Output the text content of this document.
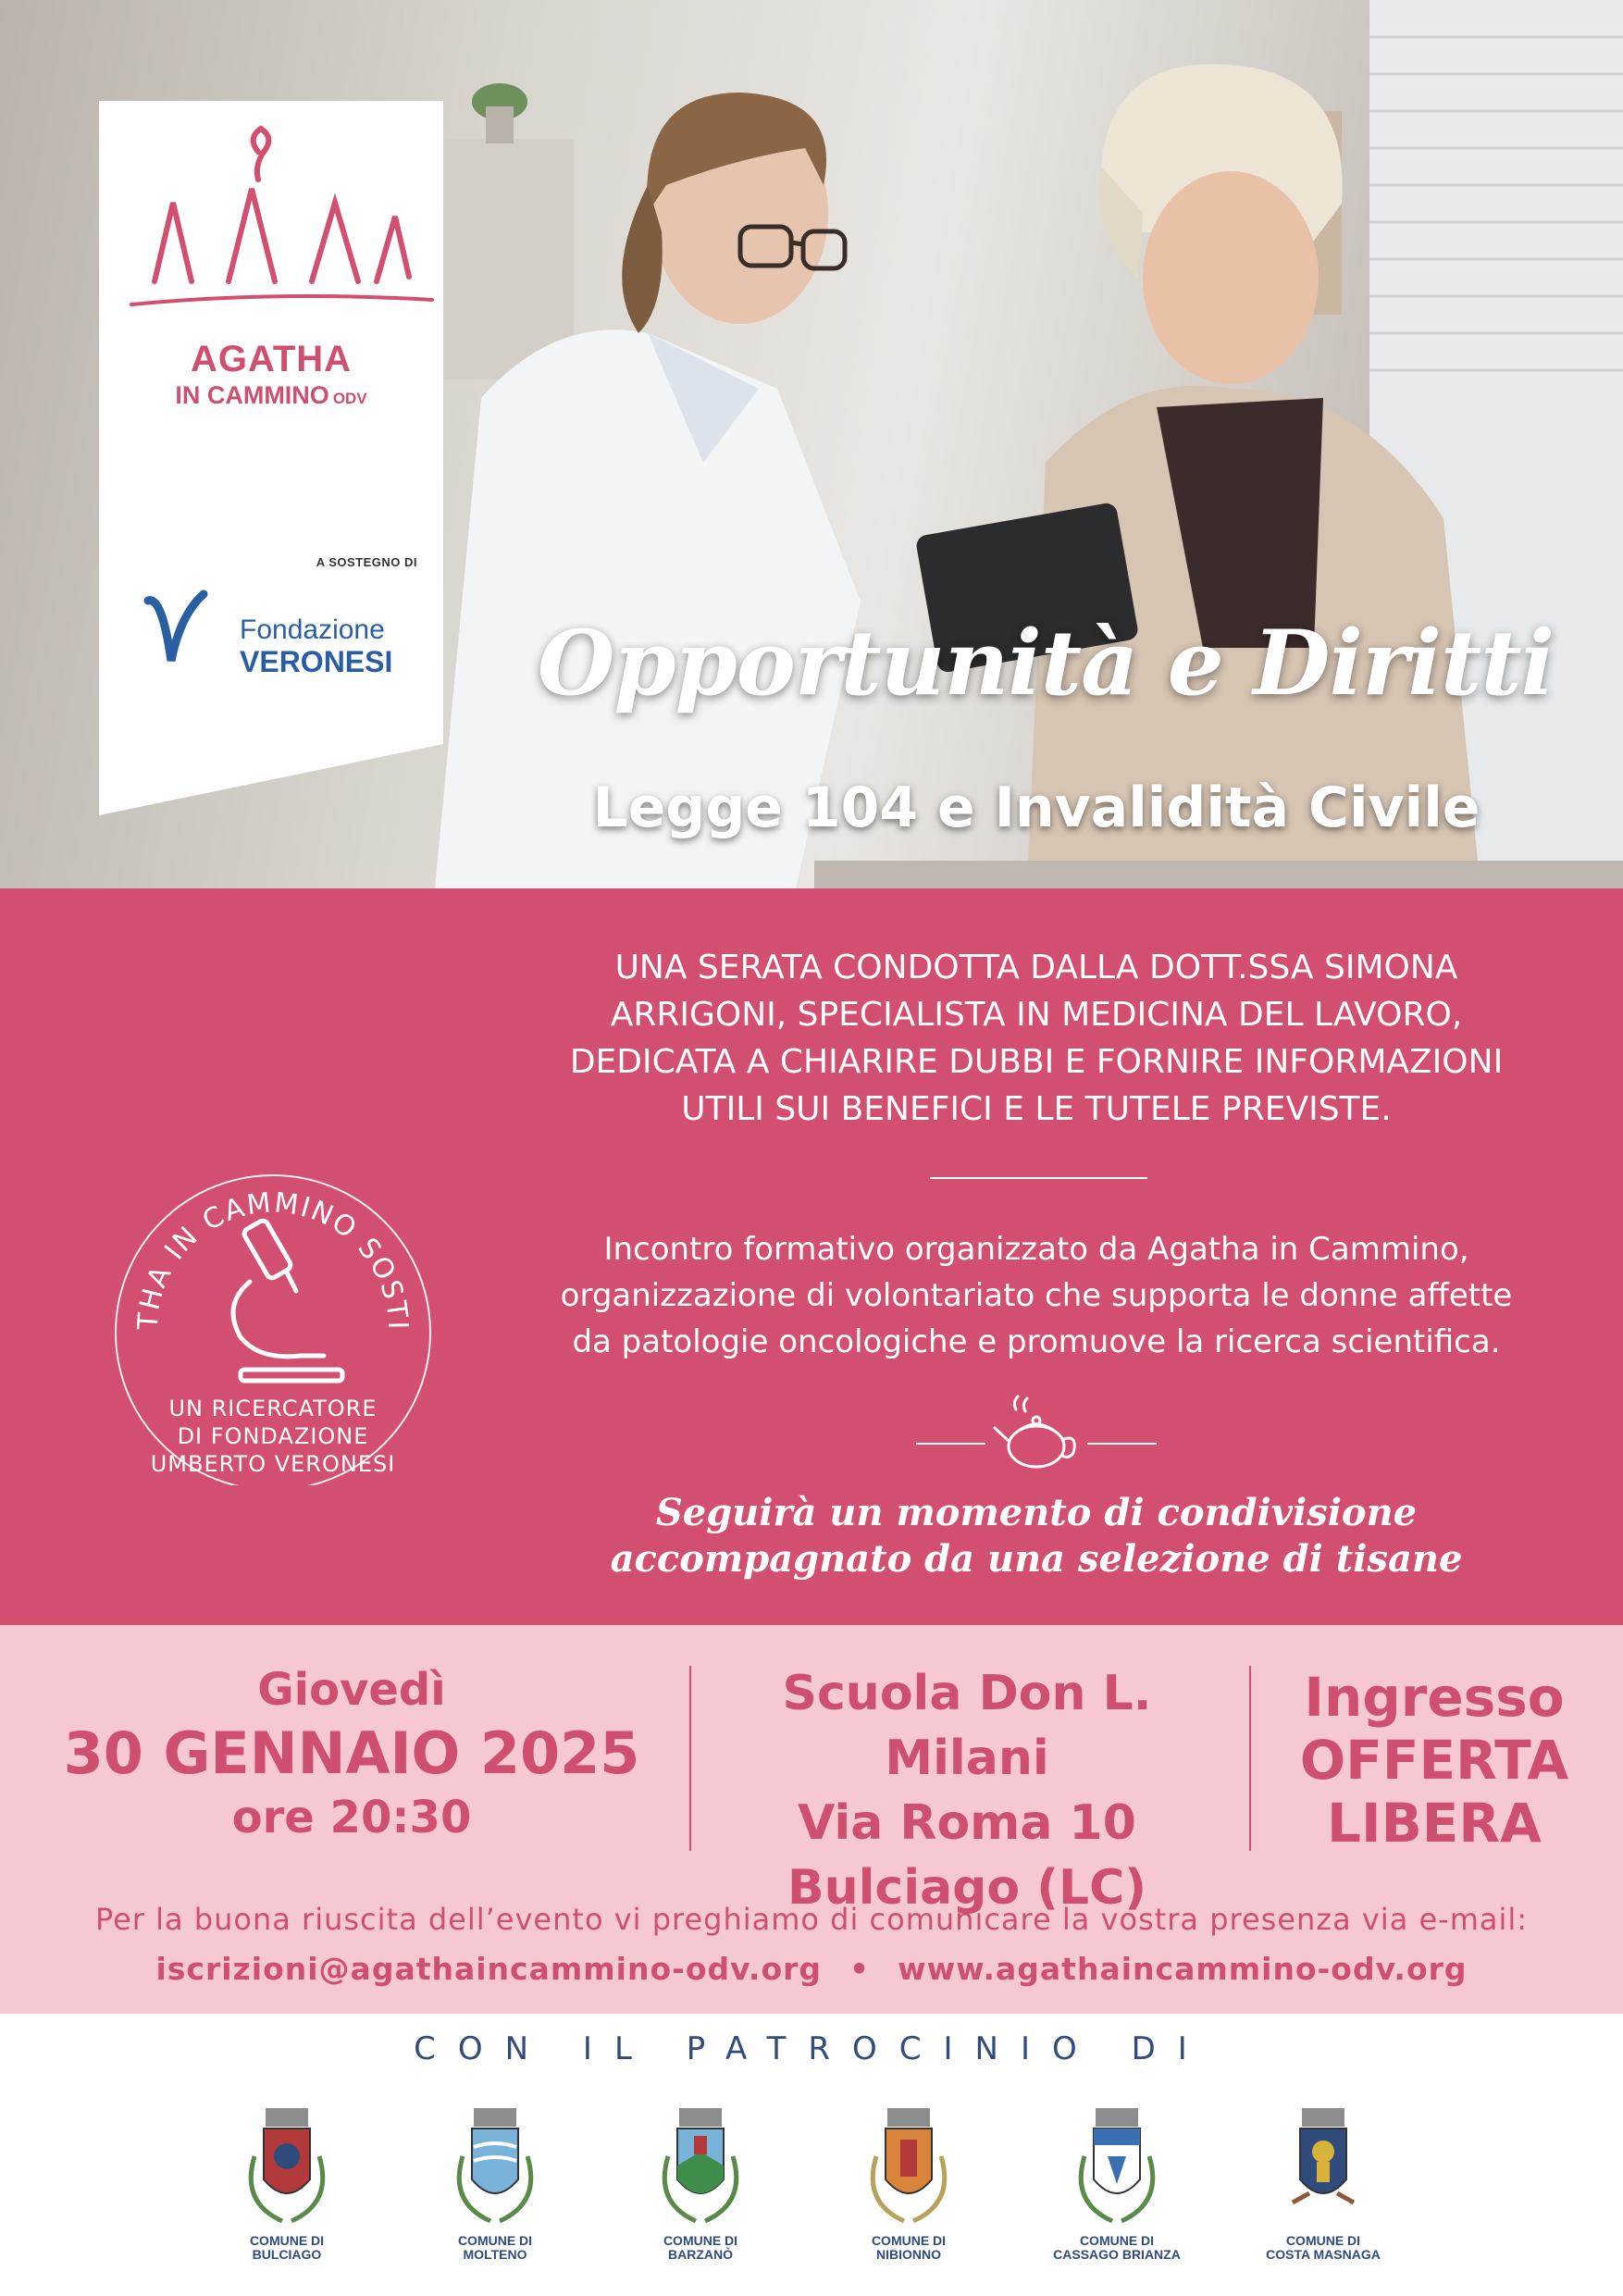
AGATHA
IN CAMMINO ODV
A SOSTEGNO DI
Fondazione
VERONESI	Opportunità e Diritti
Legge 104 e Invalidità Civile
UNA SERATA CONDOTTA DALLA DOTT.SSA SIMONA
ARRIGONI, SPECIALISTA IN MEDICINA DEL LAVORO,
DEDICATA A CHIARIRE DUBBI E FORNIRE INFORMAZIONI
UTILI SUI BENEFICI E LE TUTELE PREVISTE.
Incontro formativo organizzato da Agatha in Cammino,
organizzazione di volontariato che supporta le donne affette
da patologie oncologiche e promuove la ricerca scientifica.
Seguirà un momento di condivisione
accompagnato da una selezione di tisane
THA IN CAMMINO SOSTI
UN RICERCATORE
DI FONDAZIONE
UMBERTO VERONESI
Giovedì
30 GENNAIO 2025
ore 20:30
Scuola Don L. Milani
Via Roma 10
Bulciago (LC)
Ingresso
OFFERTA
LIBERA
Per la buona riuscita dell’evento vi preghiamo di comunicare la vostra presenza via e-mail:
iscrizioni@agathaincammino-odv.org • www.agathaincammino-odv.org
CON IL PATROCINIO DI
COMUNE DI
BULCIAGO
COMUNE DI
MOLTENO
COMUNE DI
BARZANÒ
COMUNE DI
NIBIONNO
COMUNE DI
CASSAGO BRIANZA
COMUNE DI
COSTA MASNAGA
